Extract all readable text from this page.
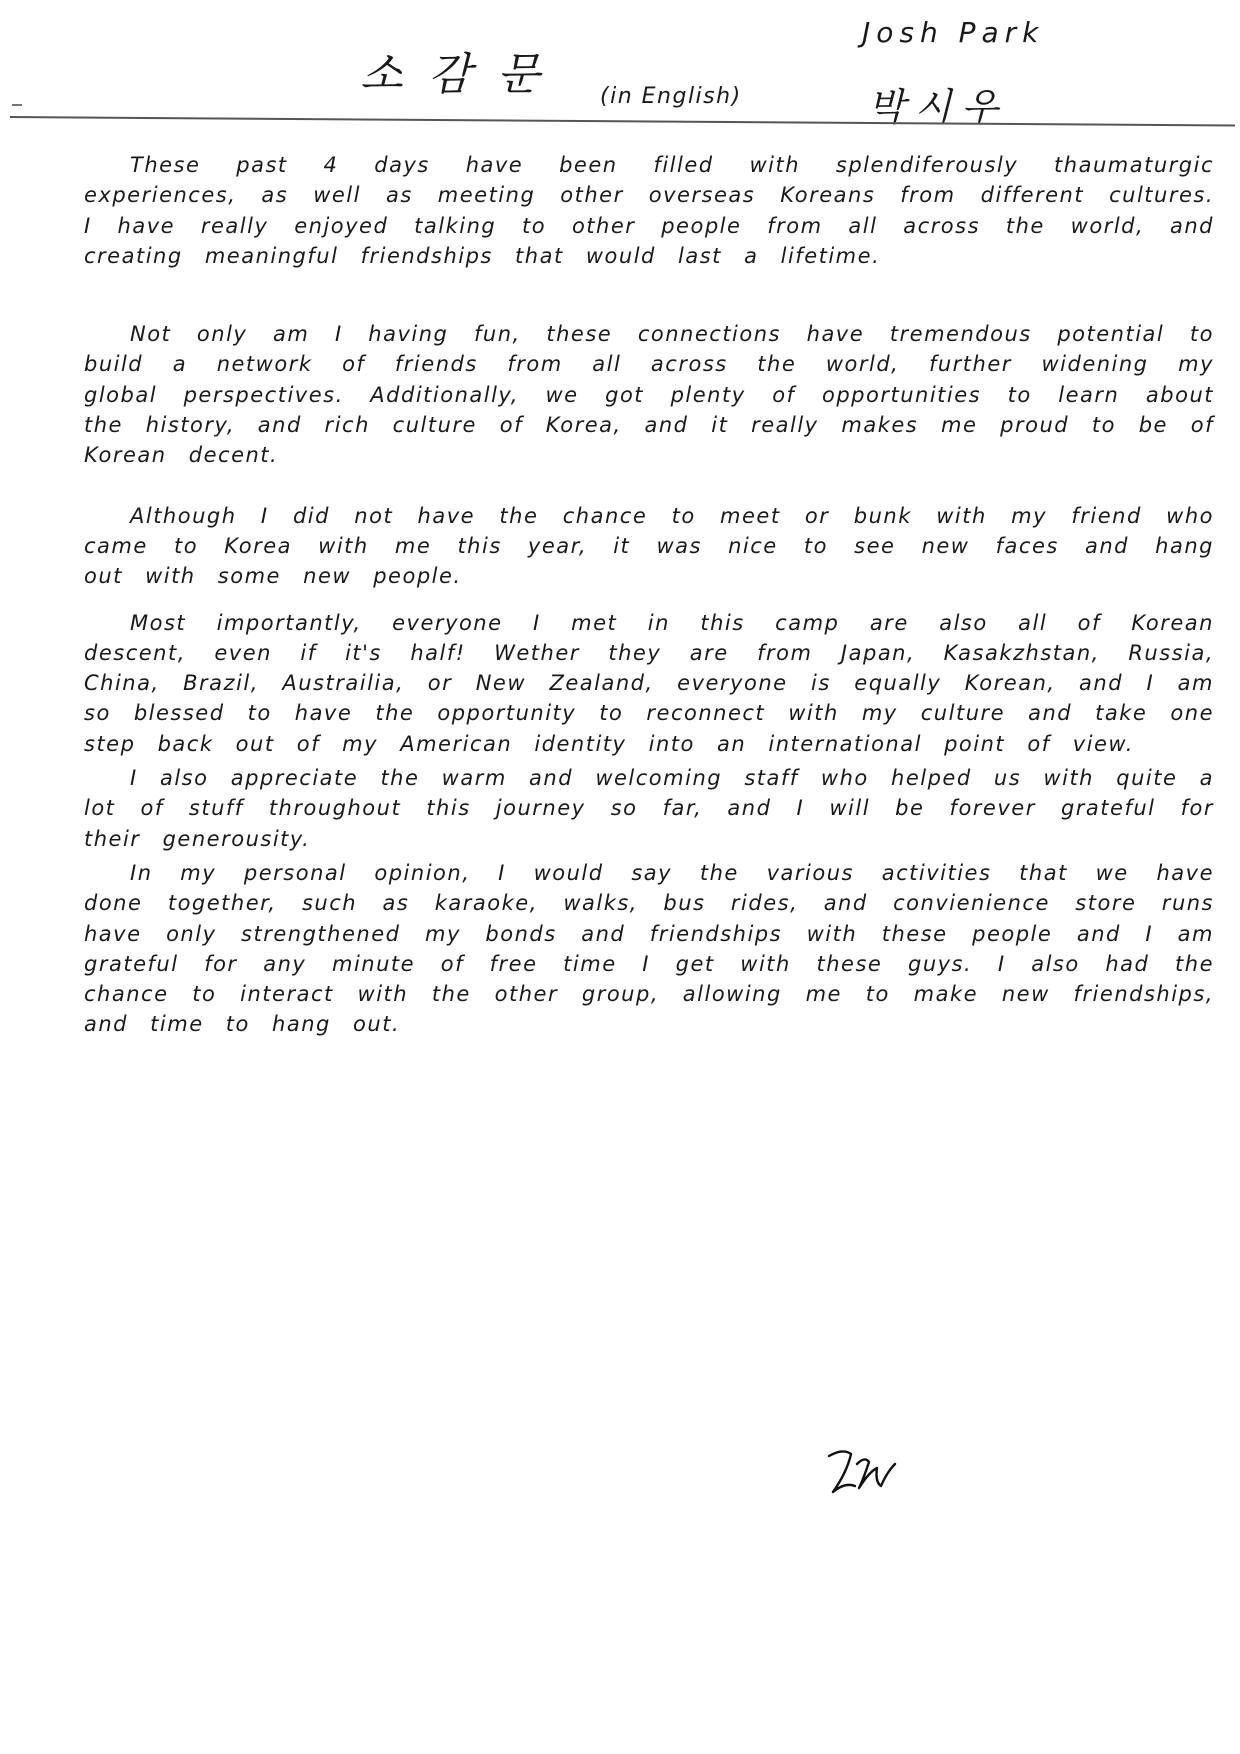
소감문 (in English)
Josh Park
박시우

These past 4 days have been filled with splendiferously thaumaturgic experiences, as well as meeting other overseas Koreans from different cultures. I have really enjoyed talking to other people from all across the world, and creating meaningful friendships that would last a lifetime.

Not only am I having fun, these connections have tremendous potential to build a network of friends from all across the world, further widening my global perspectives. Additionally, we got plenty of opportunities to learn about the history, and rich culture of Korea, and it really makes me proud to be of Korean decent.

Although I did not have the chance to meet or bunk with my friend who came to Korea with me this year, it was nice to see new faces and hang out with some new people.

Most importantly, everyone I met in this camp are also all of Korean descent, even if it's half! Wether they are from Japan, Kasakzhstan, Russia, China, Brazil, Austrailia, or New Zealand, everyone is equally Korean, and I am so blessed to have the opportunity to reconnect with my culture and take one step back out of my American identity into an international point of view.

I also appreciate the warm and welcoming staff who helped us with quite a lot of stuff throughout this journey so far, and I will be forever grateful for their generousity.

In my personal opinion, I would say the various activities that we have done together, such as karaoke, walks, bus rides, and convienience store runs have only strengthened my bonds and friendships with these people and I am grateful for any minute of free time I get with these guys. I also had the chance to interact with the other group, allowing me to make new friendships, and time to hang out.
